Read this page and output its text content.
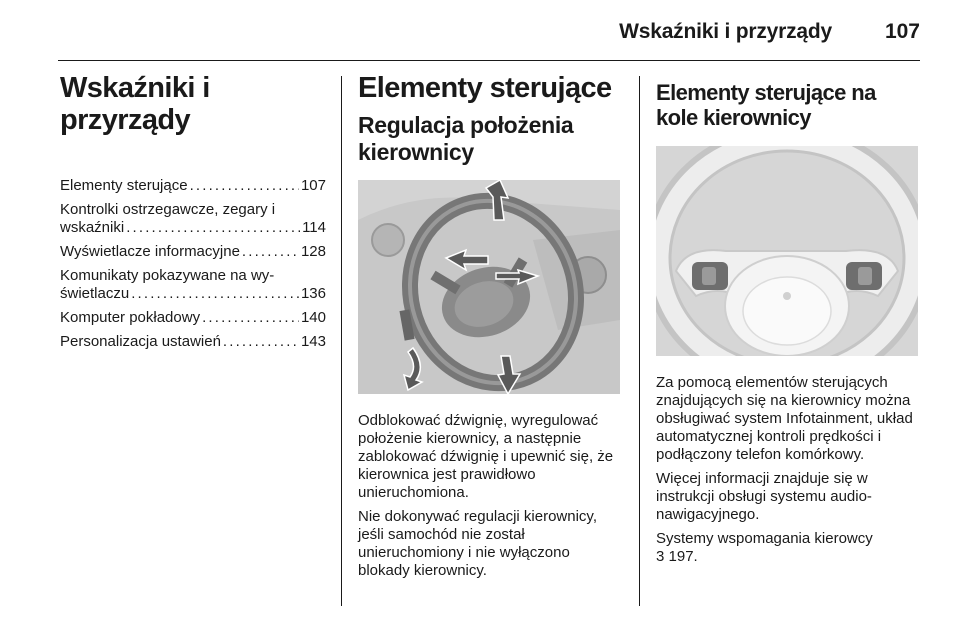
Wskaźniki i przyrządy	107
Wskaźniki i przyrządy
Elementy sterujące . . .	107
Kontrolki ostrzegawcze, zegary i
wskaźniki . . .	114
Wyświetlacze informacyjne . . .	128
Komunikaty pokazywane na wy-
świetlaczu . . .	136
Komputer pokładowy . . .	140
Personalizacja ustawień . . .	143
Elementy sterujące
Regulacja położenia kierownicy

Odblokować dźwignię, wyregulować położenie kierownicy, a następnie zablokować dźwignię i upewnić się, że kierownica jest prawidłowo unieruchomiona.

Nie dokonywać regulacji kierownicy, jeśli samochód nie został unieruchomiony i nie wyłączono blokady kierownicy.

Elementy sterujące na kole kierownicy

Za pomocą elementów sterujących znajdujących się na kierownicy można obsługiwać system Infotainment, układ automatycznej kontroli prędkości i podłączony telefon komórkowy.

Więcej informacji znajduje się w instrukcji obsługi systemu audio-nawigacyjnego.

Systemy wspomagania kierowcy
3 197.
